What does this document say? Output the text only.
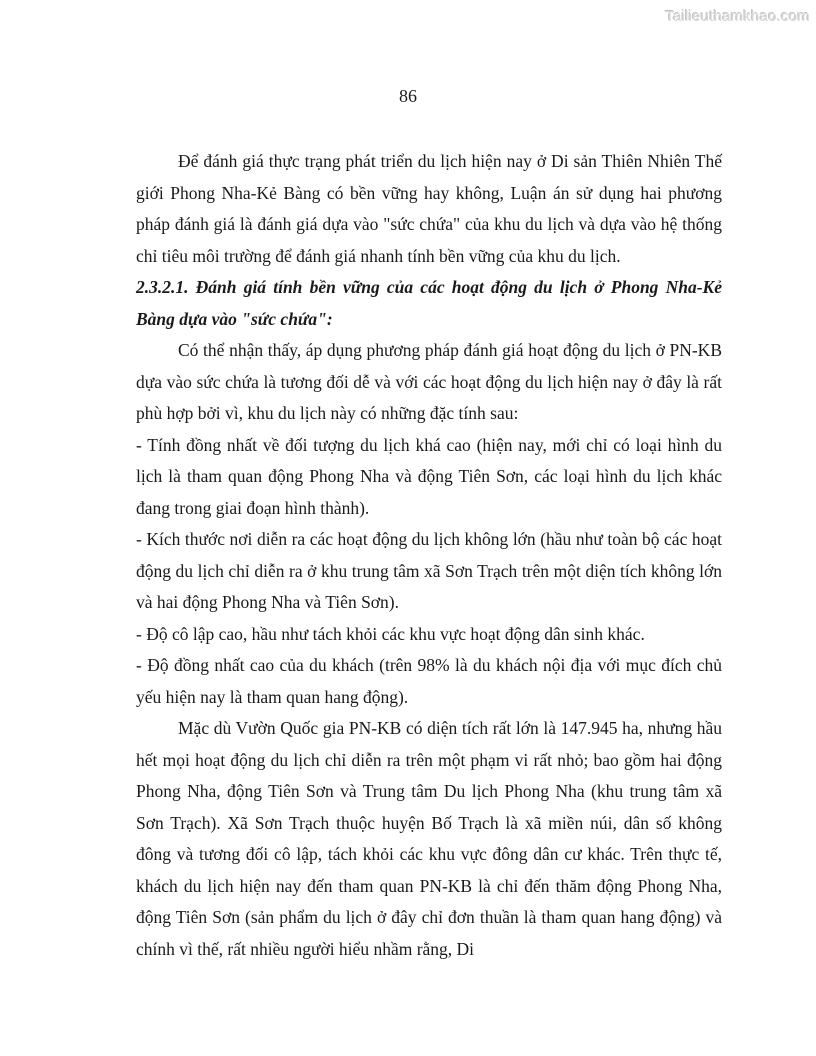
Tailieuthamkhao.com
86

Để đánh giá thực trạng phát triển du lịch hiện nay ở Di sản Thiên Nhiên Thế giới Phong Nha-Kẻ Bàng có bền vững hay không, Luận án sử dụng hai phương pháp đánh giá là đánh giá dựa vào "sức chứa" của khu du lịch và dựa vào hệ thống chỉ tiêu môi trường để đánh giá nhanh tính bền vững của khu du lịch.

2.3.2.1. Đánh giá tính bền vững của các hoạt động du lịch ở Phong Nha-Kẻ Bàng dựa vào "sức chứa":

Có thể nhận thấy, áp dụng phương pháp đánh giá hoạt động du lịch ở PN-KB dựa vào sức chứa là tương đối dễ và với các hoạt động du lịch hiện nay ở đây là rất phù hợp bởi vì, khu du lịch này có những đặc tính sau:

- Tính đồng nhất về đối tượng du lịch khá cao (hiện nay, mới chỉ có loại hình du lịch là tham quan động Phong Nha và động Tiên Sơn, các loại hình du lịch khác đang trong giai đoạn hình thành).

- Kích thước nơi diễn ra các hoạt động du lịch không lớn (hầu như toàn bộ các hoạt động du lịch chỉ diễn ra ở khu trung tâm xã Sơn Trạch trên một diện tích không lớn và hai động Phong Nha và Tiên Sơn).

- Độ cô lập cao, hầu như tách khỏi các khu vực hoạt động dân sinh khác.

- Độ đồng nhất cao của du khách (trên 98% là du khách nội địa với mục đích chủ yếu hiện nay là tham quan hang động).

Mặc dù Vườn Quốc gia PN-KB có diện tích rất lớn là 147.945 ha, nhưng hầu hết mọi hoạt động du lịch chỉ diễn ra trên một phạm vi rất nhỏ; bao gồm hai động Phong Nha, động Tiên Sơn và Trung tâm Du lịch Phong Nha (khu trung tâm xã Sơn Trạch). Xã Sơn Trạch thuộc huyện Bố Trạch là xã miền núi, dân số không đông và tương đối cô lập, tách khỏi các khu vực đông dân cư khác. Trên thực tế, khách du lịch hiện nay đến tham quan PN-KB là chỉ đến thăm động Phong Nha, động Tiên Sơn (sản phẩm du lịch ở đây chỉ đơn thuần là tham quan hang động) và chính vì thế, rất nhiều người hiểu nhầm rằng, Di
